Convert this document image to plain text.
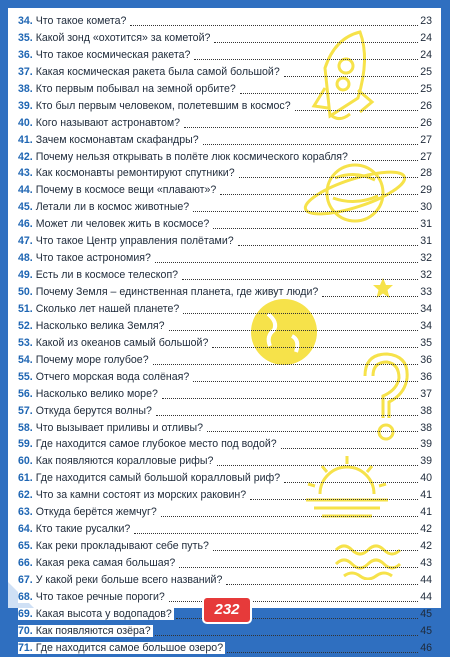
34. Что такое комета?	23
35. Какой зонд «охотится» за кометой?	24
36. Что такое космическая ракета?	24
37. Какая космическая ракета была самой большой?	25
38. Кто первым побывал на земной орбите?	25
39. Кто был первым человеком, полетевшим в космос?	26
40. Кого называют астронавтом?	26
41. Зачем космонавтам скафандры?	27
42. Почему нельзя открывать в полёте люк космического корабля?	27
43. Как космонавты ремонтируют спутники?	28
44. Почему в космосе вещи «плавают»?	29
45. Летали ли в космос животные?	30
46. Может ли человек жить в космосе?	31
47. Что такое Центр управления полётами?	31
48. Что такое астрономия?	32
49. Есть ли в космосе телескоп?	32
50. Почему Земля – единственная планета, где живут люди?	33
51. Сколько лет нашей планете?	34
52. Насколько велика Земля?	34
53. Какой из океанов самый большой?	35
54. Почему море голубое?	36
55. Отчего морская вода солёная?	36
56. Насколько велико море?	37
57. Откуда берутся волны?	38
58. Что вызывает приливы и отливы?	38
59. Где находится самое глубокое место под водой?	39
60. Как появляются коралловые рифы?	39
61. Где находится самый большой коралловый риф?	40
62. Что за камни состоят из морских раковин?	41
63. Откуда берётся жемчуг?	41
64. Кто такие русалки?	42
65. Как реки прокладывают себе путь?	42
66. Какая река самая большая?	43
67. У какой реки больше всего названий?	44
68. Что такое речные пороги?	44
69. Какая высота у водопадов?	45
70. Как появляются озёра?	45
71. Где находится самое большое озеро?	46
232
